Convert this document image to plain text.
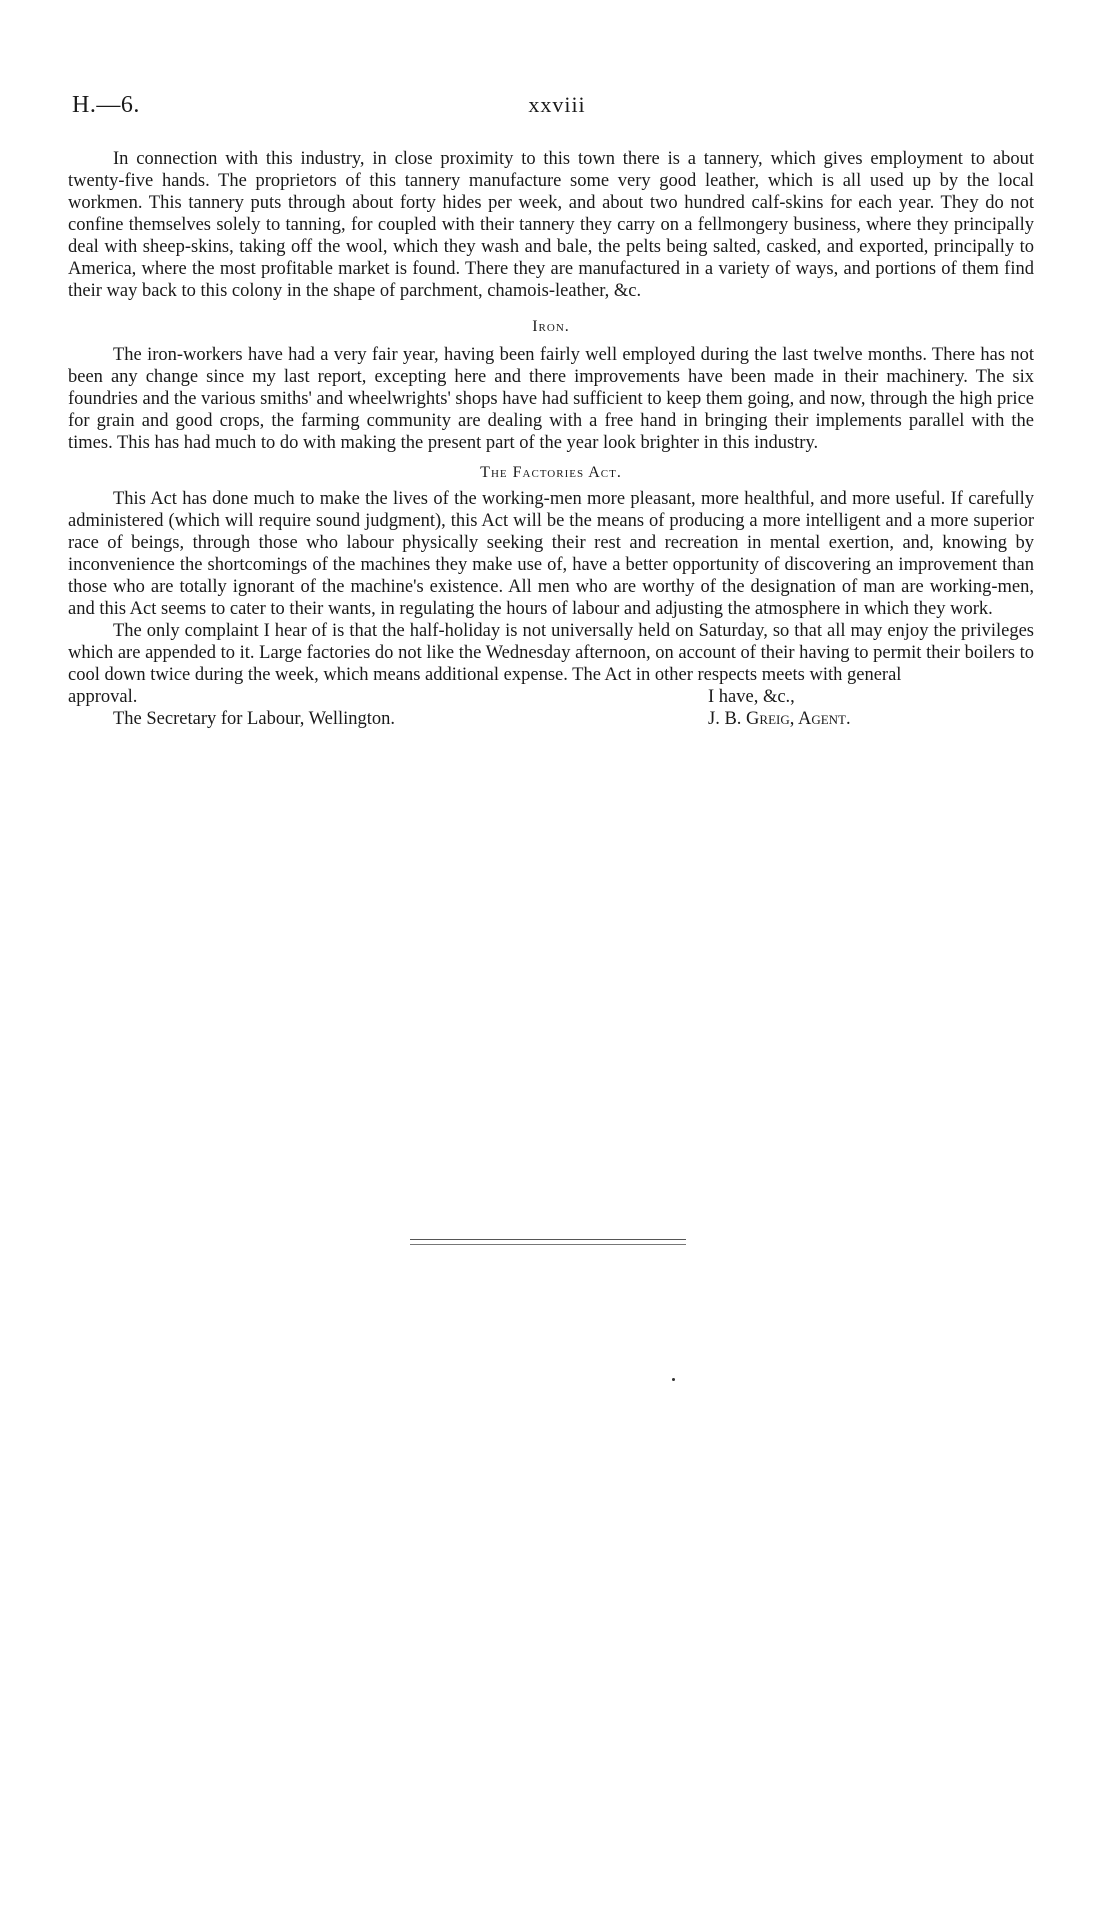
H.—6.	xxviii

In connection with this industry, in close proximity to this town there is a tannery, which gives employment to about twenty-five hands. The proprietors of this tannery manufacture some very good leather, which is all used up by the local workmen. This tannery puts through about forty hides per week, and about two hundred calf-skins for each year. They do not confine themselves solely to tanning, for coupled with their tannery they carry on a fellmongery business, where they principally deal with sheep-skins, taking off the wool, which they wash and bale, the pelts being salted, casked, and exported, principally to America, where the most profitable market is found. There they are manufactured in a variety of ways, and portions of them find their way back to this colony in the shape of parchment, chamois-leather, &c.

Iron.

The iron-workers have had a very fair year, having been fairly well employed during the last twelve months. There has not been any change since my last report, excepting here and there improvements have been made in their machinery. The six foundries and the various smiths' and wheelwrights' shops have had sufficient to keep them going, and now, through the high price for grain and good crops, the farming community are dealing with a free hand in bringing their implements parallel with the times. This has had much to do with making the present part of the year look brighter in this industry.

The Factories Act.

This Act has done much to make the lives of the working-men more pleasant, more healthful, and more useful. If carefully administered (which will require sound judgment), this Act will be the means of producing a more intelligent and a more superior race of beings, through those who labour physically seeking their rest and recreation in mental exertion, and, knowing by inconvenience the shortcomings of the machines they make use of, have a better opportunity of discovering an improvement than those who are totally ignorant of the machine's existence. All men who are worthy of the designation of man are working-men, and this Act seems to cater to their wants, in regulating the hours of labour and adjusting the atmosphere in which they work.

The only complaint I hear of is that the half-holiday is not universally held on Saturday, so that all may enjoy the privileges which are appended to it. Large factories do not like the Wednesday afternoon, on account of their having to permit their boilers to cool down twice during the week, which means additional expense. The Act in other respects meets with general

approval.	I have, &c.,
The Secretary for Labour, Wellington.	J. B. Greig, Agent.
